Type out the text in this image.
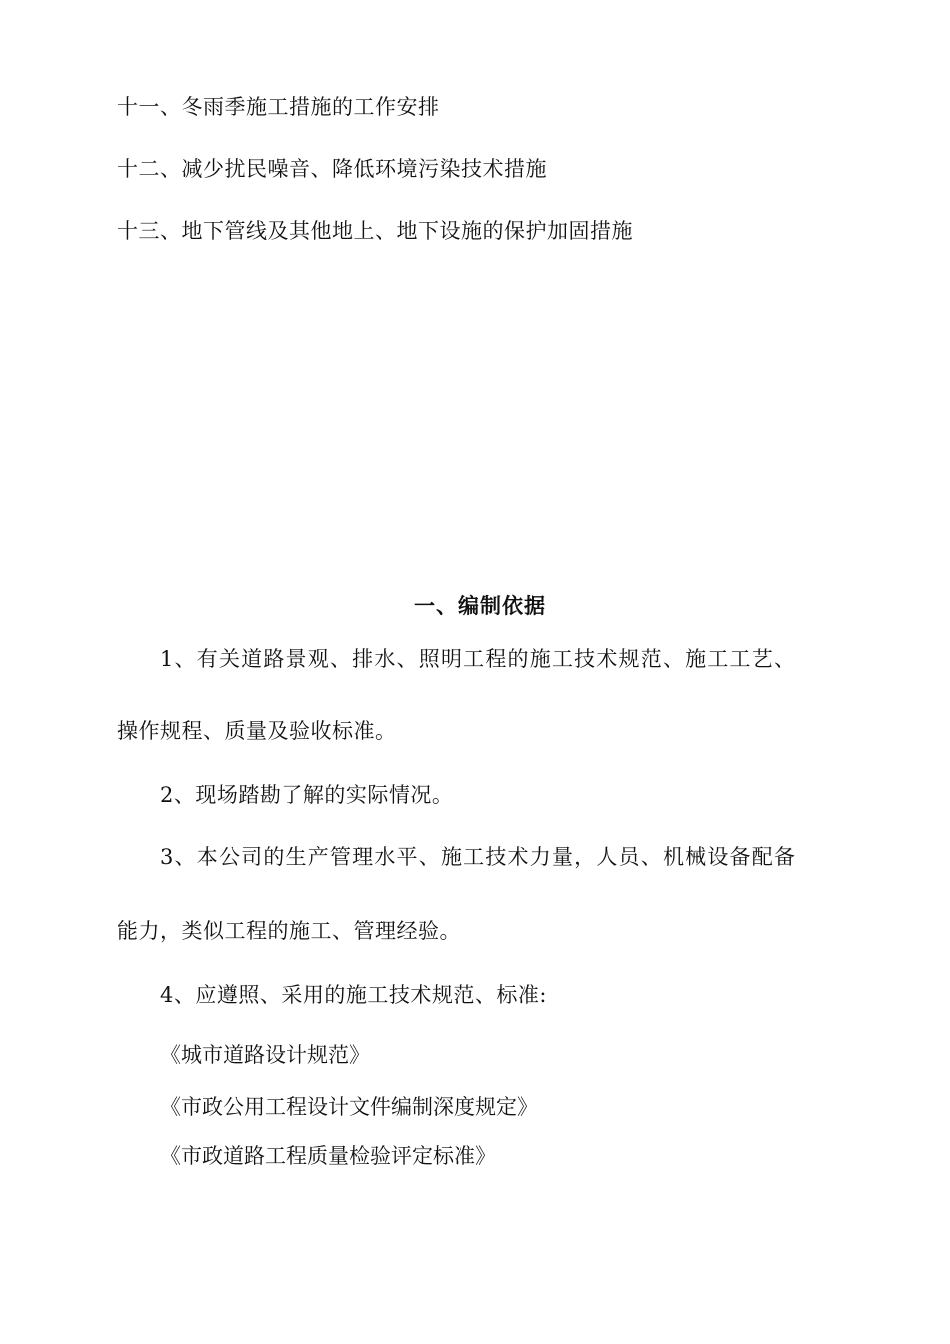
十一、冬雨季施工措施的工作安排
十二、减少扰民噪音、降低环境污染技术措施
十三、地下管线及其他地上、地下设施的保护加固措施
一、编制依据
1、有关道路景观、排水、照明工程的施工技术规范、施工工艺、
操作规程、质量及验收标准。
2、现场踏勘了解的实际情况。
3、本公司的生产管理水平、施工技术力量，人员、机械设备配备
能力，类似工程的施工、管理经验。
4、应遵照、采用的施工技术规范、标准:
《城市道路设计规范》
《市政公用工程设计文件编制深度规定》
《市政道路工程质量检验评定标准》
